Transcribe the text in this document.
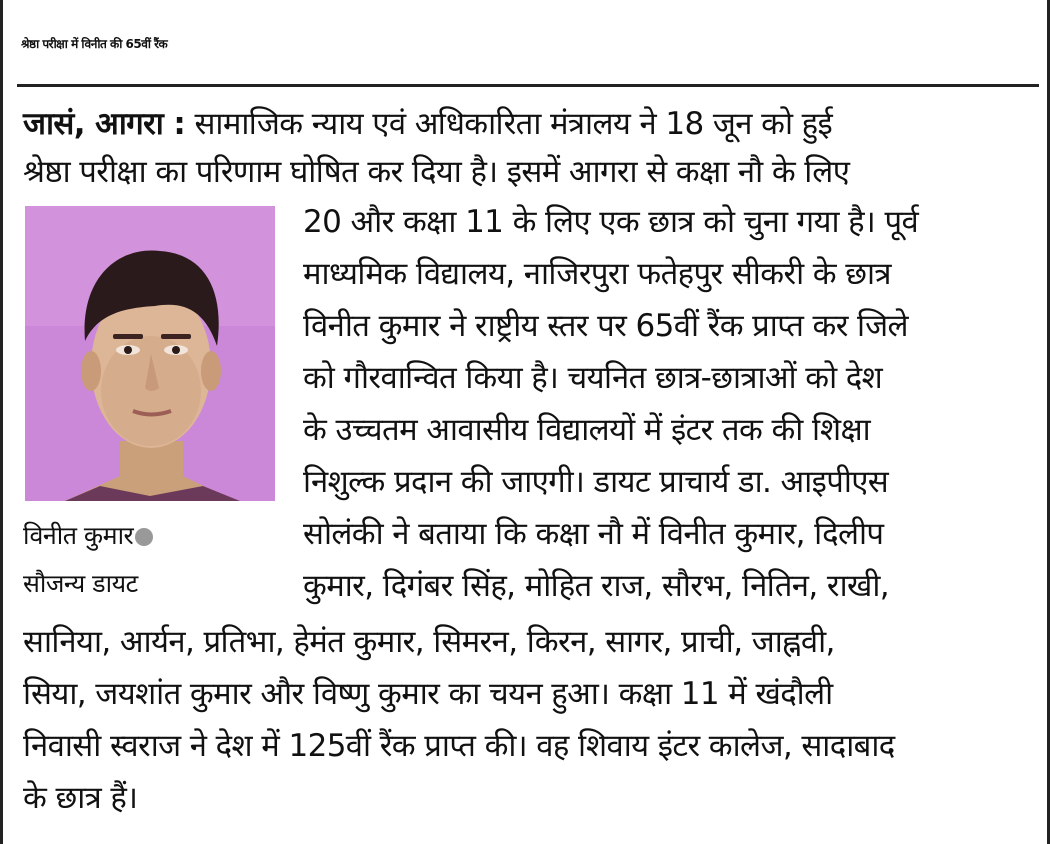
श्रेष्ठा परीक्षा में विनीत की 65वीं रैंक
जासं, आगरा : सामाजिक न्याय एवं अधिकारिता मंत्रालय ने 18 जून को हुई
श्रेष्ठा परीक्षा का परिणाम घोषित कर दिया है। इसमें आगरा से कक्षा नौ के लिए
20 और कक्षा 11 के लिए एक छात्र को चुना गया है। पूर्व
माध्यमिक विद्यालय, नाजिरपुरा फतेहपुर सीकरी के छात्र
विनीत कुमार ने राष्ट्रीय स्तर पर 65वीं रैंक प्राप्त कर जिले
को गौरवान्वित किया है। चयनित छात्र-छात्राओं को देश
के उच्चतम आवासीय विद्यालयों में इंटर तक की शिक्षा
निशुल्क प्रदान की जाएगी। डायट प्राचार्य डा. आइपीएस
सोलंकी ने बताया कि कक्षा नौ में विनीत कुमार, दिलीप
कुमार, दिगंबर सिंह, मोहित राज, सौरभ, नितिन, राखी,
विनीत कुमार
सौजन्य डायट
सानिया, आर्यन, प्रतिभा, हेमंत कुमार, सिमरन, किरन, सागर, प्राची, जाह्नवी,
सिया, जयशांत कुमार और विष्णु कुमार का चयन हुआ। कक्षा 11 में खंदौली
निवासी स्वराज ने देश में 125वीं रैंक प्राप्त की। वह शिवाय इंटर कालेज, सादाबाद
के छात्र हैं।
